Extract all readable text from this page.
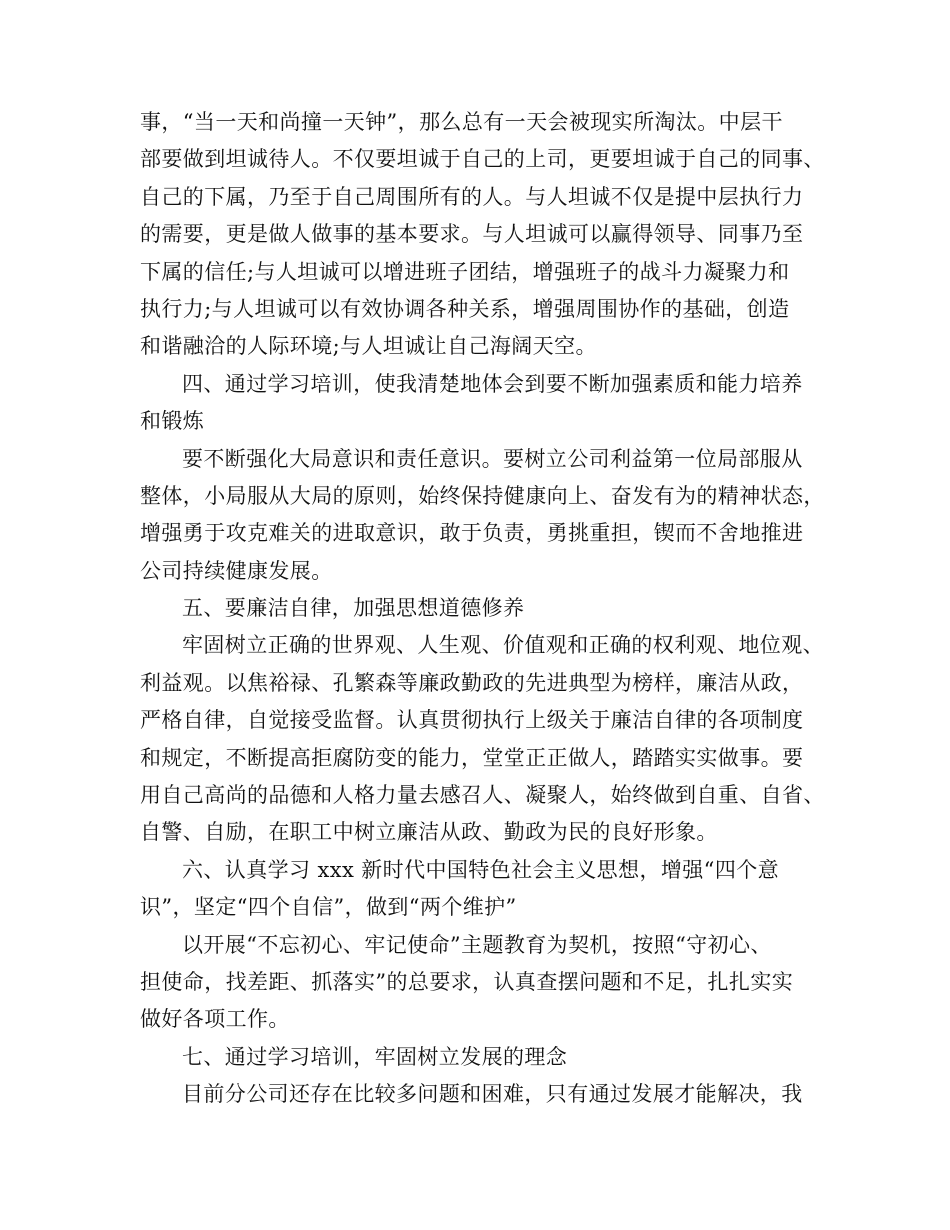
事，“当一天和尚撞一天钟”，那么总有一天会被现实所淘汰。中层干
部要做到坦诚待人。不仅要坦诚于自己的上司，更要坦诚于自己的同事、
自己的下属，乃至于自己周围所有的人。与人坦诚不仅是提中层执行力
的需要，更是做人做事的基本要求。与人坦诚可以赢得领导、同事乃至
下属的信任;与人坦诚可以增进班子团结，增强班子的战斗力凝聚力和
执行力;与人坦诚可以有效协调各种关系，增强周围协作的基础，创造
和谐融洽的人际环境;与人坦诚让自己海阔天空。
四、通过学习培训，使我清楚地体会到要不断加强素质和能力培养
和锻炼
要不断强化大局意识和责任意识。要树立公司利益第一位局部服从
整体，小局服从大局的原则，始终保持健康向上、奋发有为的精神状态，
增强勇于攻克难关的进取意识，敢于负责，勇挑重担，锲而不舍地推进
公司持续健康发展。
五、要廉洁自律，加强思想道德修养
牢固树立正确的世界观、人生观、价值观和正确的权利观、地位观、
利益观。以焦裕禄、孔繁森等廉政勤政的先进典型为榜样，廉洁从政，
严格自律，自觉接受监督。认真贯彻执行上级关于廉洁自律的各项制度
和规定，不断提高拒腐防变的能力，堂堂正正做人，踏踏实实做事。要
用自己高尚的品德和人格力量去感召人、凝聚人，始终做到自重、自省、
自警、自励，在职工中树立廉洁从政、勤政为民的良好形象。
六、认真学习 xxx 新时代中国特色社会主义思想，增强“四个意
识”，坚定“四个自信”，做到“两个维护”
以开展“不忘初心、牢记使命”主题教育为契机，按照“守初心、
担使命，找差距、抓落实”的总要求，认真查摆问题和不足，扎扎实实
做好各项工作。
七、通过学习培训，牢固树立发展的理念
目前分公司还存在比较多问题和困难，只有通过发展才能解决，我
